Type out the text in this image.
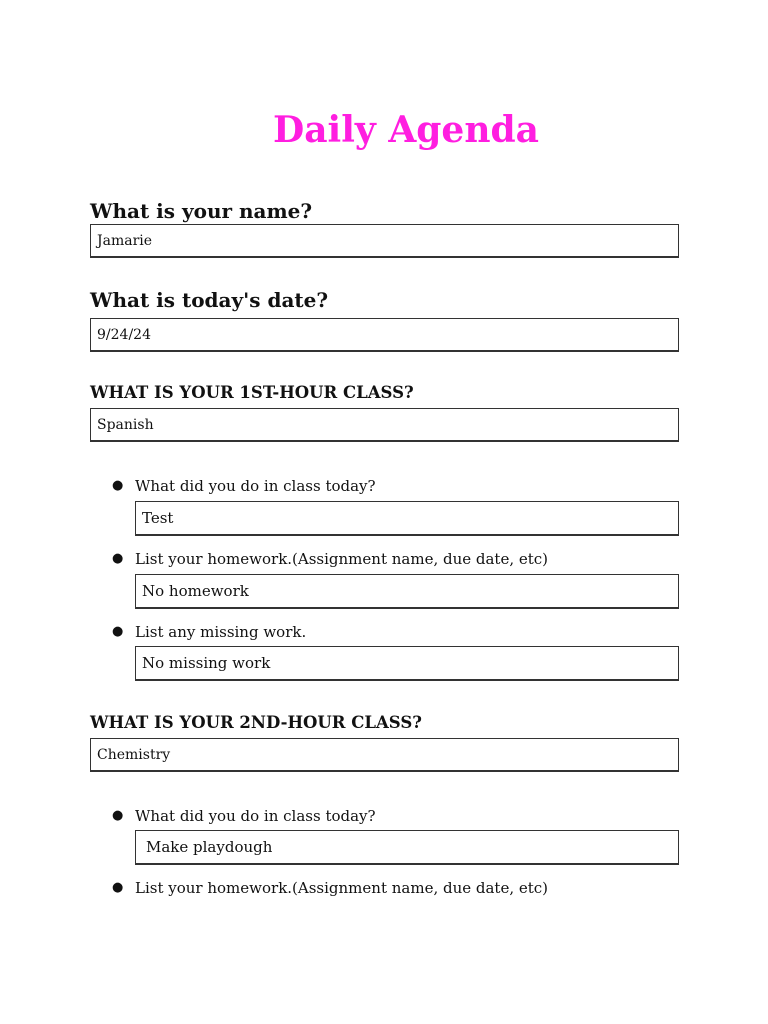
Daily Agenda

What is your name?

Jamarie

What is today's date?

9/24/24

WHAT IS YOUR 1ST-HOUR CLASS?

Spanish
● What did you do in class today?
Test
● List your homework.(Assignment name, due date, etc)
No homework
● List any missing work.
No missing work

WHAT IS YOUR 2ND-HOUR CLASS?

Chemistry
● What did you do in class today?
Make playdough
● List your homework.(Assignment name, due date, etc)
